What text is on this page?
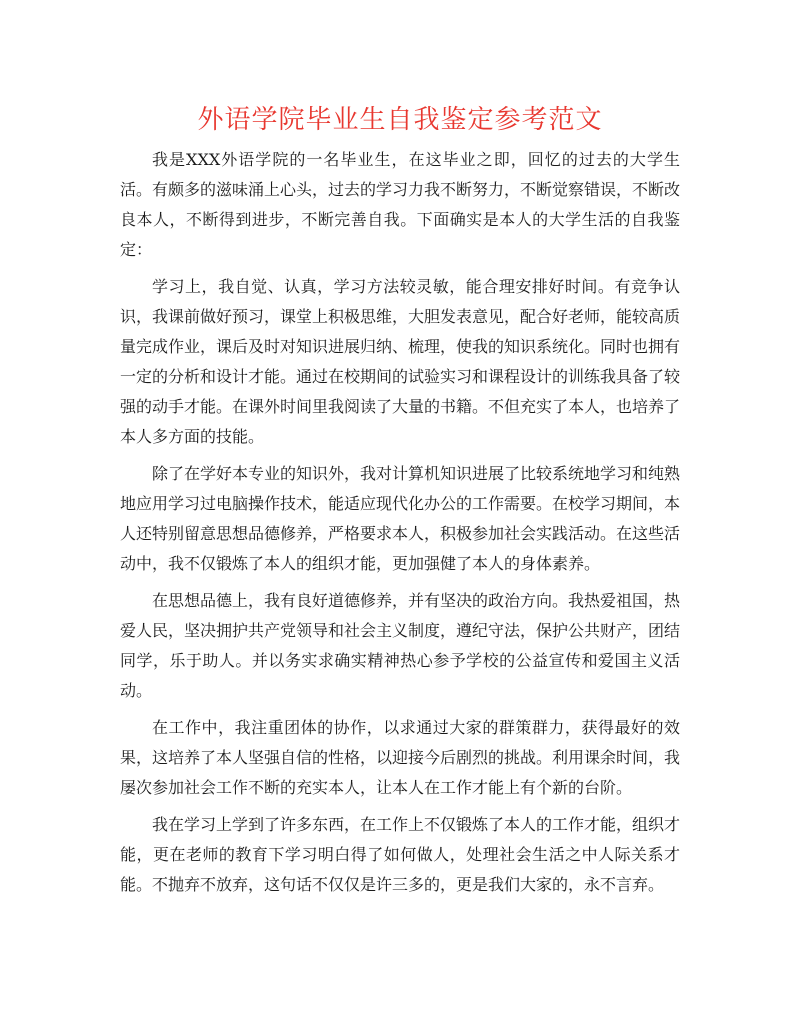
外语学院毕业生自我鉴定参考范文

我是XXX外语学院的一名毕业生，在这毕业之即，回忆的过去的大学生活。有颇多的滋味涌上心头，过去的学习力我不断努力，不断觉察错误，不断改良本人，不断得到进步，不断完善自我。下面确实是本人的大学生活的自我鉴定：

学习上，我自觉、认真，学习方法较灵敏，能合理安排好时间。有竞争认识，我课前做好预习，课堂上积极思维，大胆发表意见，配合好老师，能较高质量完成作业，课后及时对知识进展归纳、梳理，使我的知识系统化。同时也拥有一定的分析和设计才能。通过在校期间的试验实习和课程设计的训练我具备了较强的动手才能。在课外时间里我阅读了大量的书籍。不但充实了本人，也培养了本人多方面的技能。

除了在学好本专业的知识外，我对计算机知识进展了比较系统地学习和纯熟地应用学习过电脑操作技术，能适应现代化办公的工作需要。在校学习期间，本人还特别留意思想品德修养，严格要求本人，积极参加社会实践活动。在这些活动中，我不仅锻炼了本人的组织才能，更加强健了本人的身体素养。

在思想品德上，我有良好道德修养，并有坚决的政治方向。我热爱祖国，热爱人民，坚决拥护共产党领导和社会主义制度，遵纪守法，保护公共财产，团结同学，乐于助人。并以务实求确实精神热心参予学校的公益宣传和爱国主义活动。

在工作中，我注重团体的协作，以求通过大家的群策群力，获得最好的效果，这培养了本人坚强自信的性格，以迎接今后剧烈的挑战。利用课余时间，我屡次参加社会工作不断的充实本人，让本人在工作才能上有个新的台阶。

我在学习上学到了许多东西，在工作上不仅锻炼了本人的工作才能，组织才能，更在老师的教育下学习明白得了如何做人，处理社会生活之中人际关系才能。不抛弃不放弃，这句话不仅仅是许三多的，更是我们大家的，永不言弃。
